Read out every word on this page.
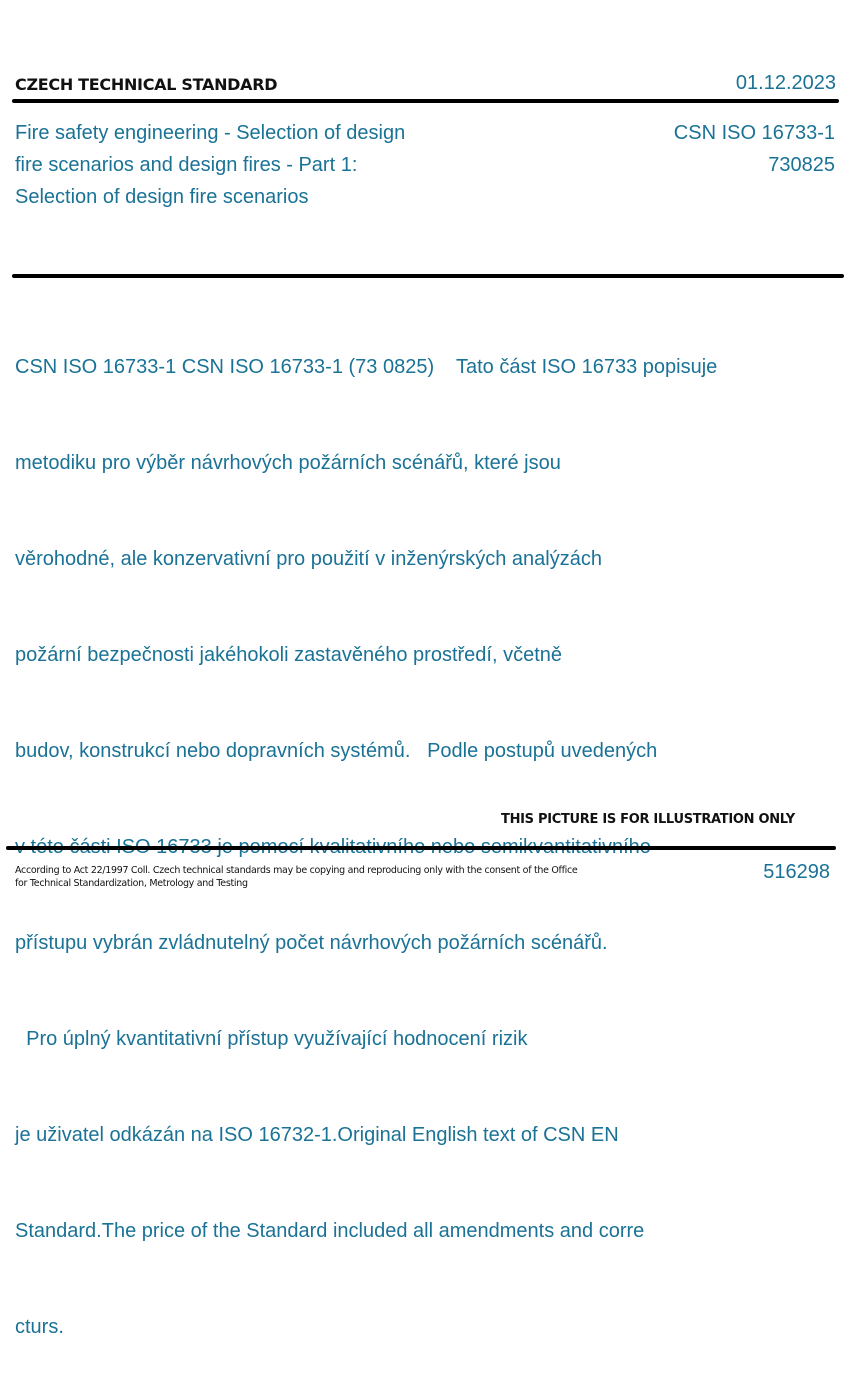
CZECH TECHNICAL STANDARD	01.12.2023
Fire safety engineering - Selection of design
fire scenarios and design fires - Part 1:
Selection of design fire scenarios
CSN ISO 16733-1
730825

CSN ISO 16733-1 CSN ISO 16733-1 (73 0825)    Tato část ISO 16733 popisuje

metodiku pro výběr návrhových požárních scénářů, které jsou

věrohodné, ale konzervativní pro použití v inženýrských analýzách

požární bezpečnosti jakéhokoli zastavěného prostředí, včetně

budov, konstrukcí nebo dopravních systémů.   Podle postupů uvedených

přístupu vybrán zvládnutelný počet návrhových požárních scénářů.

Pro úplný kvantitativní přístup využívající hodnocení rizik

je uživatel odkázán na ISO 16732-1.Original English text of CSN EN

Standard.The price of the Standard included all amendments and corre

cturs.

THIS PICTURE IS FOR ILLUSTRATION ONLY
According to Act 22/1997 Coll. Czech technical standards may be copying and reproducing only with the consent of the Office
for Technical Standardization, Metrology and Testing
516298
